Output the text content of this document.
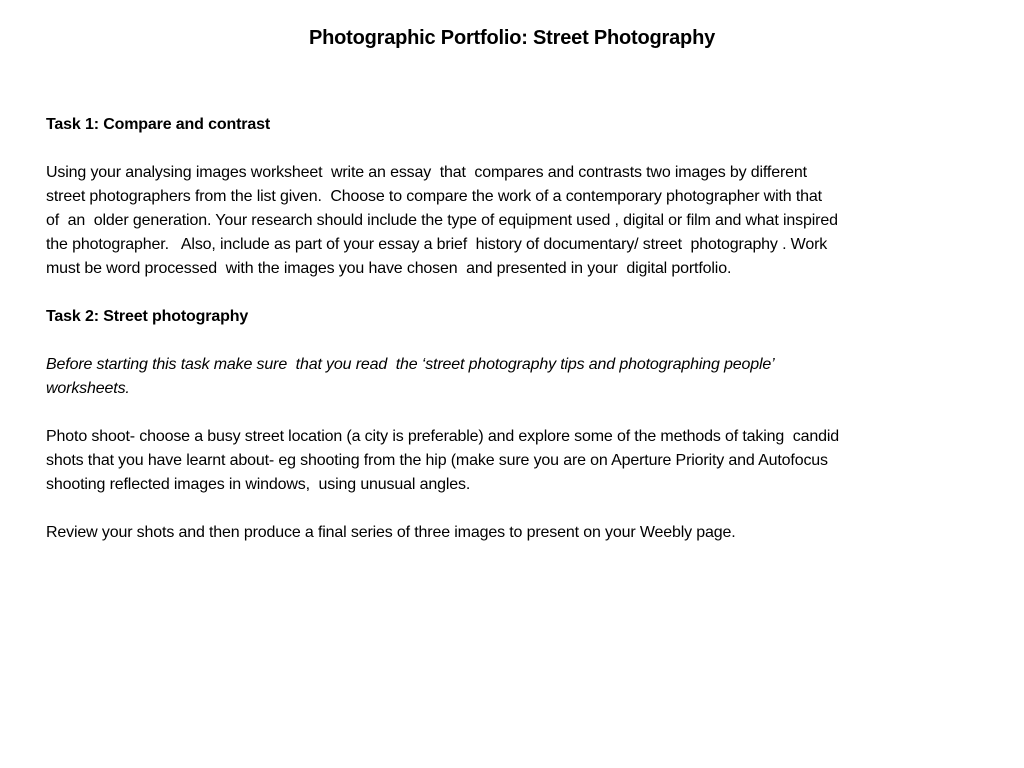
Photographic Portfolio: Street Photography
Task 1: Compare and contrast
Using your analysing images worksheet  write an essay  that  compares and contrasts two images by different
street photographers from the list given.  Choose to compare the work of a contemporary photographer with that
of  an  older generation. Your research should include the type of equipment used , digital or film and what inspired
the photographer.   Also, include as part of your essay a brief  history of documentary/ street  photography . Work
must be word processed  with the images you have chosen  and presented in your  digital portfolio.
Task 2: Street photography
Before starting this task make sure  that you read  the ‘street photography tips and photographing people’
worksheets.
Photo shoot- choose a busy street location (a city is preferable) and explore some of the methods of taking  candid
shots that you have learnt about- eg shooting from the hip (make sure you are on Aperture Priority and Autofocus
shooting reflected images in windows,  using unusual angles.
Review your shots and then produce a final series of three images to present on your Weebly page.
